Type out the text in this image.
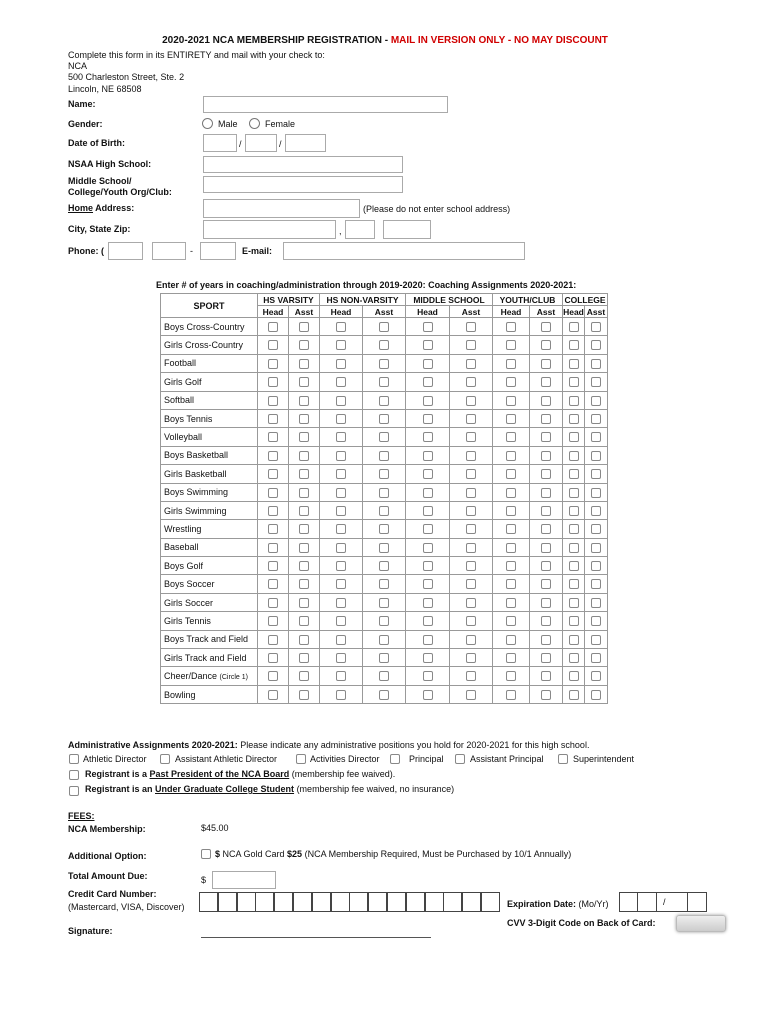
2020-2021 NCA MEMBERSHIP REGISTRATION - MAIL IN VERSION ONLY - NO MAY DISCOUNT
Complete this form in its ENTIRETY and mail with your check to:
NCA
500 Charleston Street, Ste. 2
Lincoln, NE 68508
Name:
Gender:	Male	Female
Date of Birth:	/	/
NSAA High School:
Middle School/
College/Youth Org/Club:
Home Address:	(Please do not enter school address)
City, State Zip:	,
Phone: (	-	E-mail:
Enter # of years in coaching/administration through 2019-2020: Coaching Assignments 2020-2021:
SPORT	HS VARSITY		HS NON-VARSITY		MIDDLE SCHOOL		YOUTH/CLUB		COLLEGE	
	Head	Asst	Head	Asst	Head	Asst	Head	Asst	Head	Asst
Boys Cross-Country										
Girls Cross-Country										
Football										
Girls Golf										
Softball										
Boys Tennis										
Volleyball										
Boys Basketball										
Girls Basketball										
Boys Swimming										
Girls Swimming										
Wrestling										
Baseball										
Boys Golf										
Boys Soccer										
Girls Soccer										
Girls Tennis										
Boys Track and Field										
Girls Track and Field										
Cheer/Dance (Circle 1)										
Bowling										
Administrative Assignments 2020-2021: Please indicate any administrative positions you hold for 2020-2021 for this high school.
Athletic Director	Assistant Athletic Director	Activities Director	Principal	Assistant Principal	Superintendent
Registrant is a Past President of the NCA Board (membership fee waived).
Registrant is an Under Graduate College Student (membership fee waived, no insurance)
FEES:
NCA Membership:	$45.00
Additional Option:	$ NCA Gold Card $25 (NCA Membership Required, Must be Purchased by 10/1 Annually)
Total Amount Due:	$
Credit Card Number:
(Mastercard, VISA, Discover)	Expiration Date: (Mo/Yr)	/
CVV 3-Digit Code on Back of Card:
Signature:
